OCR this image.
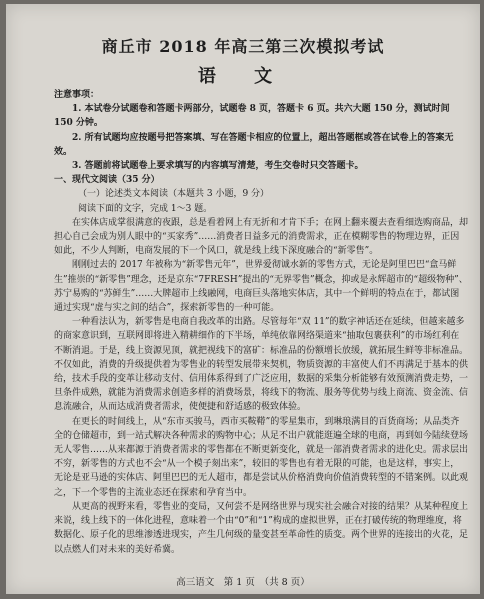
商丘市 2018 年高三第三次模拟考试
语 文

注意事项：

1. 本试卷分试题卷和答题卡两部分，试题卷 8 页，答题卡 6 页。共六大题 150 分，测试时间 150 分钟。

2. 所有试题均应按题号把答案填、写在答题卡相应的位置上，超出答题框或答在试卷上的答案无效。

3. 答题前将试题卷上要求填写的内容填写清楚，考生交卷时只交答题卡。

一、现代文阅读（35 分）

（一）论述类文本阅读（本题共 3 小题，9 分）

阅读下面的文字，完成 1～3 题。

在实体店成掌很满意的夜跟，总是看着网上有无折和才肯下手；在网上翻来覆去查看细选购商品，却担心自己会成为别人眼中的“买家秀”……消费者日益多元的消费需求，正在模糊零售的物理边界，正因如此，不少人判断，电商发展的下一个风口，就是线上线下深度融合的“新零售”。

刚刚过去的 2017 年被称为“新零售元年”，世界爱彻诚水新的零售方式，无论是阿里巴巴“盒马鲜生”推崇的“新零售”理念，还是京东“7FRESH”提出的“无界零售”概念，抑或是永辉超市的“超级物种”、苏宁易购的“苏鲜生”……大牌超市上线融网，电商巨头落地实体店，其中一个鲜明的特点在于，都试图通过实现“虚与实之间的结合”，探索新零售的一种可能。

一种看法认为，新零售是电商自我改革的出路。尽管每年“双 11”的数字神话还在延续，但越来越多的商家意识到，互联网即将进入精耕细作的下半场，单纯依靠网络渠道来“抽取包裹获利”的市场红利在不断消退。于是，线上资源见顶，就把视线下的富矿：标准品的份额增长放缓，就拓展生鲜等非标准品。不仅如此，消费的升级提供着为零售业的转型发展带来契机，物质资源的丰富使人们不再满足于基本的供给，技术手段的变革让移动支付、信用体系得到了广泛应用，数据的采集分析能够有效预测消费走势，一旦条件成熟，就能为消费需求创造多样的消费场景，将线下的物流、服务等优势与线上商流、资金流、信息流融合，从而达成消费者需求，使便捷和舒适感的极致体验。

在更长的时间线上，从“东市买骏马，西市买鞍鞯”的零星集市，到琳琅满目的百货商场；从品类齐全的仓储超市，到一站式解决各种需求的购物中心；从足不出户就能逛遍全球的电商，再到如今陆续登场无人零售……从来都源于消费者需求的零售都在不断更新变化，就是一部消费者需求的进化史。需求层出不穷，新零售的方式也不会“从一个模子刻出来”，较旧的零售也有着无限的可能，也是这样，事实上，无论是亚马逊的实体店、阿里巴巴的无人超市，都是尝试从价格消费向价值消费转型的不错案例。以此观之，下一个零售的主流业态还在探索和孕育当中。

从更高的视野来看，零售业的变局，又何尝不是网络世界与现实社会融合对接的结果？从某种程度上来说，线上线下的一体化进程，意味着一个由“0”和“1”构成的虚拟世界，正在打破传统的物理维度，将数据化、原子化的思维渗透进现实，产生几何级的量变甚至革命性的质变。两个世界的连接出的火花，足以点燃人们对未来的美好希冀。

高三语文　第 1 页　（共 8 页）
